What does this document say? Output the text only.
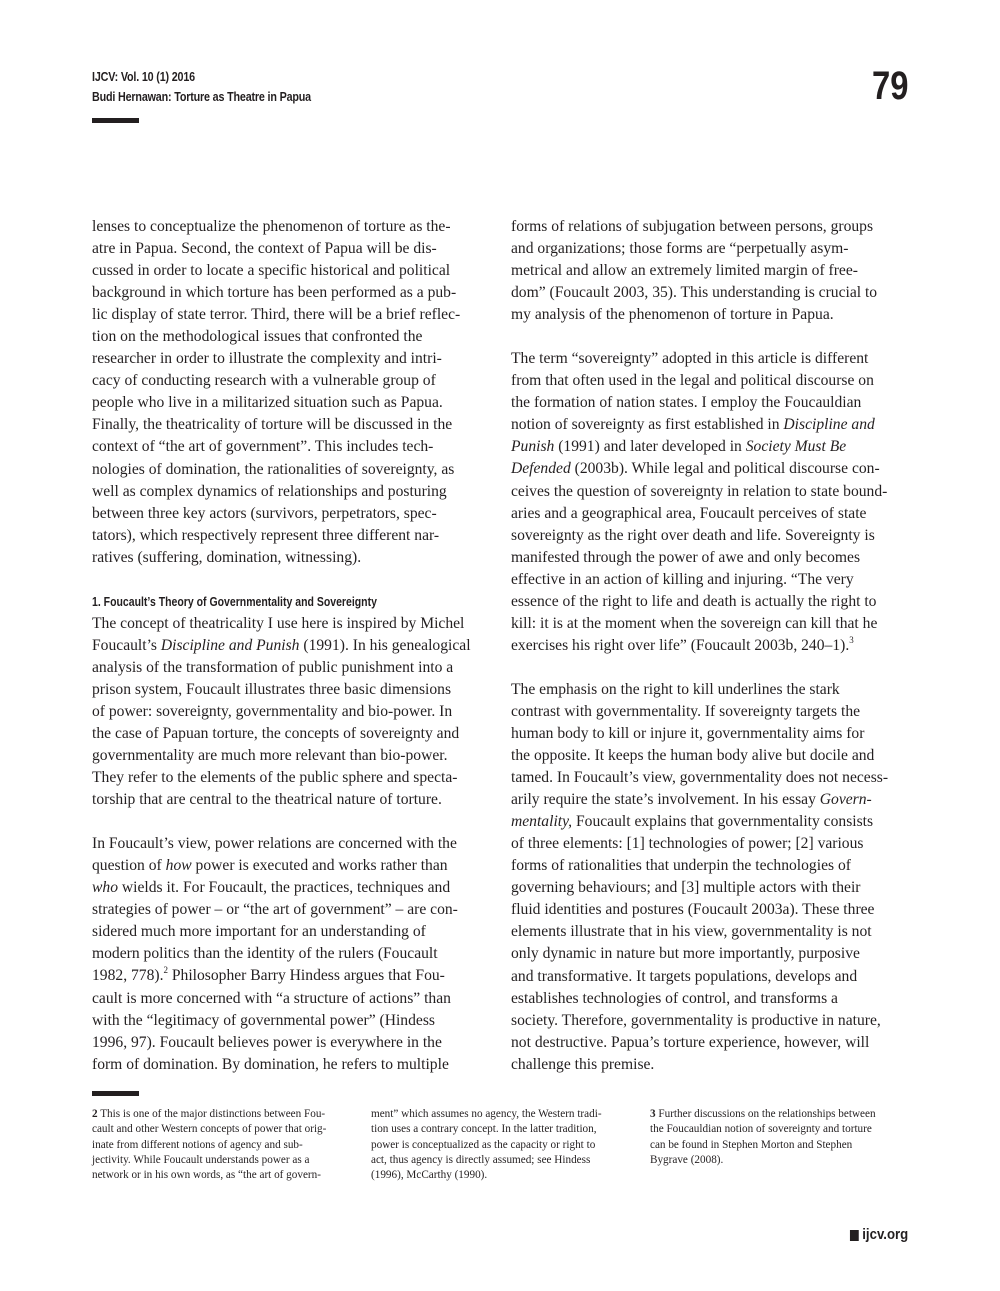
IJCV: Vol. 10 (1) 2016
Budi Hernawan: Torture as Theatre in Papua	79

lenses to conceptualize the phenomenon of torture as the-
atre in Papua. Second, the context of Papua will be dis-
cussed in order to locate a specific historical and political
background in which torture has been performed as a pub-
lic display of state terror. Third, there will be a brief reflec-
tion on the methodological issues that confronted the
researcher in order to illustrate the complexity and intri-
cacy of conducting research with a vulnerable group of
people who live in a militarized situation such as Papua.
Finally, the theatricality of torture will be discussed in the
context of “the art of government”. This includes tech-
nologies of domination, the rationalities of sovereignty, as
well as complex dynamics of relationships and posturing
between three key actors (survivors, perpetrators, spec-
tators), which respectively represent three different nar-
ratives (suffering, domination, witnessing).

1. Foucault’s Theory of Governmentality and Sovereignty

The concept of theatricality I use here is inspired by Michel
Foucault’s Discipline and Punish (1991). In his genealogical
analysis of the transformation of public punishment into a
prison system, Foucault illustrates three basic dimensions
of power: sovereignty, governmentality and bio-power. In
the case of Papuan torture, the concepts of sovereignty and
governmentality are much more relevant than bio-power.
They refer to the elements of the public sphere and specta-
torship that are central to the theatrical nature of torture.

In Foucault’s view, power relations are concerned with the
question of how power is executed and works rather than
who wields it. For Foucault, the practices, techniques and
strategies of power – or “the art of government” – are con-
sidered much more important for an understanding of
modern politics than the identity of the rulers (Foucault
1982, 778).$^2$ Philosopher Barry Hindess argues that Fou-
cault is more concerned with “a structure of actions” than
with the “legitimacy of governmental power” (Hindess
1996, 97). Foucault believes power is everywhere in the
form of domination. By domination, he refers to multiple

forms of relations of subjugation between persons, groups
and organizations; those forms are “perpetually asym-
metrical and allow an extremely limited margin of free-
dom” (Foucault 2003, 35). This understanding is crucial to
my analysis of the phenomenon of torture in Papua.

The term “sovereignty” adopted in this article is different
from that often used in the legal and political discourse on
the formation of nation states. I employ the Foucauldian
notion of sovereignty as first established in Discipline and
Punish (1991) and later developed in Society Must Be
Defended (2003b). While legal and political discourse con-
ceives the question of sovereignty in relation to state bound-
aries and a geographical area, Foucault perceives of state
sovereignty as the right over death and life. Sovereignty is
manifested through the power of awe and only becomes
effective in an action of killing and injuring. “The very
essence of the right to life and death is actually the right to
kill: it is at the moment when the sovereign can kill that he
exercises his right over life” (Foucault 2003b, 240–1).$^3$

The emphasis on the right to kill underlines the stark
contrast with governmentality. If sovereignty targets the
human body to kill or injure it, governmentality aims for
the opposite. It keeps the human body alive but docile and
tamed. In Foucault’s view, governmentality does not necess-
arily require the state’s involvement. In his essay Govern-
mentality, Foucault explains that governmentality consists
of three elements: [1] technologies of power; [2] various
forms of rationalities that underpin the technologies of
governing behaviours; and [3] multiple actors with their
fluid identities and postures (Foucault 2003a). These three
elements illustrate that in his view, governmentality is not
only dynamic in nature but more importantly, purposive
and transformative. It targets populations, develops and
establishes technologies of control, and transforms a
society. Therefore, governmentality is productive in nature,
not destructive. Papua’s torture experience, however, will
challenge this premise.

2 This is one of the major distinctions between Fou-
cault and other Western concepts of power that orig-
inate from different notions of agency and sub-
jectivity. While Foucault understands power as a
network or in his own words, as “the art of govern-
ment” which assumes no agency, the Western tradi-
tion uses a contrary concept. In the latter tradition,
power is conceptualized as the capacity or right to
act, thus agency is directly assumed; see Hindess
(1996), McCarthy (1990).
3 Further discussions on the relationships between
the Foucauldian notion of sovereignty and torture
can be found in Stephen Morton and Stephen
Bygrave (2008).
ijcv.org
